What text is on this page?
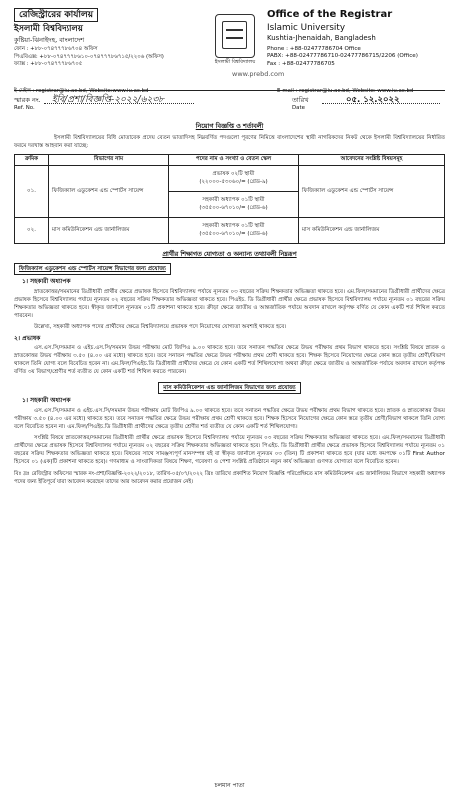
রেজিস্ট্রারের কার্যালয়
ইসলামী বিশ্ববিদ্যালয়
কুষ্টিয়া-ঝিনাইদহ, বাংলাদেশ
ফোন : +৮৮-০৭৪৭৭৭৮৬৭০৪ অফিস
পিএবিএক্স: +৮৮-০৭৪৭৭৭৮৬১০-০৭৪৭৭৭৮৬৭১৫/২২০৬ (অফিস)
ফ্যাক্স : +৮৮-০৭৪৭৭৭৮৬৭০৫	ইসলামী বিশ্ববিদ্যালয়
www.prebd.com
Office of the Registrar
Islamic University
Kushtia-Jhenaidah, Bangladesh
Phone : +88-02477786704 Office
PABX: +88-02477786710-02477786715/2206 (Office)
Fax : +88-02477786705
ই-মেইল : registrar@iu.ac.bd, Website:www.iu.ac.bd	E-mail : registrar@iu.ac.bd, Website: www.iu.ac.bd
স্মারক নং.
Ref. No.
ইবি/প্রশা/বিজ্ঞপ্তি-২০২২/৬২৩৮	তারিখ
Date
০৫. ১২.২০২২
নিয়োগ বিজ্ঞপ্তি ও শর্তাবলী

ইসলামী বিশ্ববিদ্যালয়ের বিধি মোতাবেক প্রদেয় বেতন ভাতাদিসহ নিম্নবর্ণিত পদগুলো পূরণের নিমিত্তে বাংলাদেশের স্থায়ী নাগরিকদের নিকট থেকে ইসলামী বিশ্ববিদ্যালয়ের নির্ধারিত ফরমে দরখাস্ত আহবান করা যাচ্ছে:

ক্রমিক	বিভাগের নাম	পদের নাম ও সংখ্যা ও বেতন স্কেল	আবেদনের সংশ্লিষ্ট বিষয়সমূহ
০১.	ফিজিক্যাল এডুকেশন এন্ড স্পোর্টস সায়েন্স	প্রভাষক ০২টি স্থায়ী
(২২০০০-৫৩০৬০/= (গ্রেড-৯)	ফিজিক্যাল এডুকেশন এন্ড স্পোর্টস সায়েন্স

		সহকারী অধ্যাপক ০১টি স্থায়ী
(৩৫৫০০-৬৭০১০/= (গ্রেড-৬)	

০২.	মাস কমিউনিকেশন এন্ড জার্নালিজম	সহকারী অধ্যাপক ০১টি স্থায়ী
(৩৫৫০০-৬৭০১০/= (গ্রেড-৬)	মাস কমিউনিকেশন এন্ড জার্নালিজম
প্রার্থীর শিক্ষাগত যোগ্যতা ও অন্যান্য তথ্যাবলী নিম্নরূপ
ফিজিক্যাল এডুকেশন এন্ড স্পোর্টস সায়েন্স বিভাগের জন্য প্রযোজ্য
১। সহকারী অধ্যাপক

স্নাতকোত্তর/সমমানের ডিগ্রীধারী প্রার্থীর ক্ষেত্রে প্রভাষক হিসেবে বিশ্ববিদ্যালয় পর্যায়ে ন্যূনতম ০৩ বছরের সক্রিয় শিক্ষকতার অভিজ্ঞতা থাকতে হবে। এম.ফিল/সমমানের ডিগ্রীধারী প্রার্থীদের ক্ষেত্রে প্রভাষক হিসেবে বিশ্ববিদ্যালয় পর্যায়ে ন্যূনতম ০২ বছরের সক্রিয় শিক্ষকতার অভিজ্ঞতা থাকতে হবে। পিএইচ. ডি ডিগ্রীধারী প্রার্থীর ক্ষেত্রে প্রভাষক হিসেবে বিশ্ববিদ্যালয় পর্যায়ে ন্যূনতম ০১ বছরের সক্রিয় শিক্ষকতার অভিজ্ঞতা থাকতে হবে। স্বীকৃত জার্নালে ন্যূনতম ০১টি প্রকাশনা থাকতে হবে। ক্রীড়া ক্ষেত্রে জাতীয় ও আন্তর্জাতিক পর্যায়ে অবদান রাখলে কর্তৃপক্ষ বর্ণিত যে কোন একটি শর্ত শিথিল করতে পারবেন।

উল্লেখ্য, সহকারী অধ্যাপক পদের প্রার্থীদের ক্ষেত্রে বিশ্ববিদ্যালয়ে প্রভাষক পদে নিয়োগের যোগ্যতা অবশ্যই থাকতে হবে।

২। প্রভাষক

এস.এস.সি/সমমান ও এইচ.এস.সি/সমমান উভয় পরীক্ষায় মোট জিপিএ ৯.০০ থাকতে হবে। তবে সনাতন পদ্ধতির ক্ষেত্রে উভয় পরীক্ষায় প্রথম বিভাগ থাকতে হবে। সংশ্লিষ্ট বিষয়ে স্নাতক ও স্নাতকোত্তর উভয় পরীক্ষায় ৩.৫০ (৪.০০ এর মধ্যে) থাকতে হবে। তবে সনাতন পদ্ধতির ক্ষেত্রে উভয় পরীক্ষায় প্রথম শ্রেণী থাকতে হবে। শিক্ষক হিসেবে নিয়োগের ক্ষেত্রে কোন স্তরে তৃতীয় শ্রেণী/বিভাগ থাকলে তিনি যোগ্য বলে বিবেচিত হবেন না। এম.ফিল/পিএইচ.ডি ডিগ্রীধারী প্রার্থীদের ক্ষেত্রে যে কোন একটি শর্ত শিথিলযোগ্য অথবা ক্রীড়া ক্ষেত্রে জাতীয় ও আন্তর্জাতিক পর্যায়ে অবদান রাখলে কর্তৃপক্ষ বর্ণিত ৩য় বিভাগ/শ্রেণীর শর্ত ব্যতীত যে কোন একটি শর্ত শিথিল করতে পারবেন।

মাস কমিউনিকেশন এন্ড জার্নালিজম বিভাগের জন্য প্রযোজ্য
১। সহকারী অধ্যাপক

এস.এস.সি/সমমান ও এইচ.এস.সি/সমমান উভয় পরীক্ষায় মোট জিপিএ ৯.০০ থাকতে হবে। তবে সনাতন পদ্ধতির ক্ষেত্রে উভয় পরীক্ষায় প্রথম বিভাগ থাকতে হবে। স্নাতক ও স্নাতকোত্তর উভয় পরীক্ষায় ৩.৫০ (৪.০০ এর মধ্যে) থাকতে হবে। তবে সনাতন পদ্ধতির ক্ষেত্রে উভয় পরীক্ষায় প্রথম শ্রেণী থাকতে হবে। শিক্ষক হিসেবে নিয়োগের ক্ষেত্রে কোন স্তরে তৃতীয় শ্রেণী/বিভাগ থাকলে তিনি যোগ্য বলে বিবেচিত হবেন না। এম.ফিল/পিএইচ.ডি ডিগ্রীধারী প্রার্থীদের ক্ষেত্রে তৃতীয় শ্রেণীর শর্ত ব্যতীত যে কোন একটি শর্ত শিথিলযোগ্য।

সংশ্লিষ্ট বিষয়ে স্নাতকোত্তর/সমমানের ডিগ্রীধারী প্রার্থীর ক্ষেত্রে প্রভাষক হিসেবে বিশ্ববিদ্যালয় পর্যায়ে ন্যূনতম ০৩ বছরের সক্রিয় শিক্ষকতার অভিজ্ঞতা থাকতে হবে। এম.ফিল/সমমানের ডিগ্রীধারী প্রার্থীদের ক্ষেত্রে প্রভাষক হিসেবে বিশ্ববিদ্যালয় পর্যায়ে ন্যূনতম ০২ বছরের সক্রিয় শিক্ষকতার অভিজ্ঞতা থাকতে হবে। পিএইচ. ডি ডিগ্রীধারী প্রার্থীর ক্ষেত্রে প্রভাষক হিসেবে বিশ্ববিদ্যালয় পর্যায়ে ন্যূনতম ০১ বছরের সক্রিয় শিক্ষকতার অভিজ্ঞতা থাকতে হবে। বিষয়ের সাথে সামঞ্জস্যপূর্ণ মানসম্পন্ন বই বা স্বীকৃত জার্নালে ন্যূনতম ০৩ (তিন) টি প্রকাশনা থাকতে হবে (যার মধ্যে কমপক্ষে ০১টি First Author হিসেবে ০১ (এক)টি প্রকাশনা থাকতে হবে)। গণমাধ্যম ও সাংবাদিকতা বিষয়ে শিক্ষণ, গবেষণা ও পেশা সংশ্লিষ্ট প্রতিষ্ঠানে নতুন কার্য অভিজ্ঞতা গুণগত যোগ্যতা বলে বিবেচিত হবেন।

বিঃ দ্রঃ রেজিস্ট্রার অফিসের স্মারক নং-প্রশা/বিজ্ঞপ্তি-২০২২/২০১৮, তারিখ-০৫/০৭/২০২২ খ্রিঃ তারিখে প্রকাশিত নিয়োগ বিজ্ঞপ্তি পরিপ্রেক্ষিতে মাস কমিউনিকেশন এন্ড জার্নালিজম বিভাগে সহকারী অধ্যাপক পদের জন্য ইতিপূর্বে যারা আবেদন করেছেন তাদের আর আবেদন করার প্রয়োজন নেই।

চলমান পাতা
